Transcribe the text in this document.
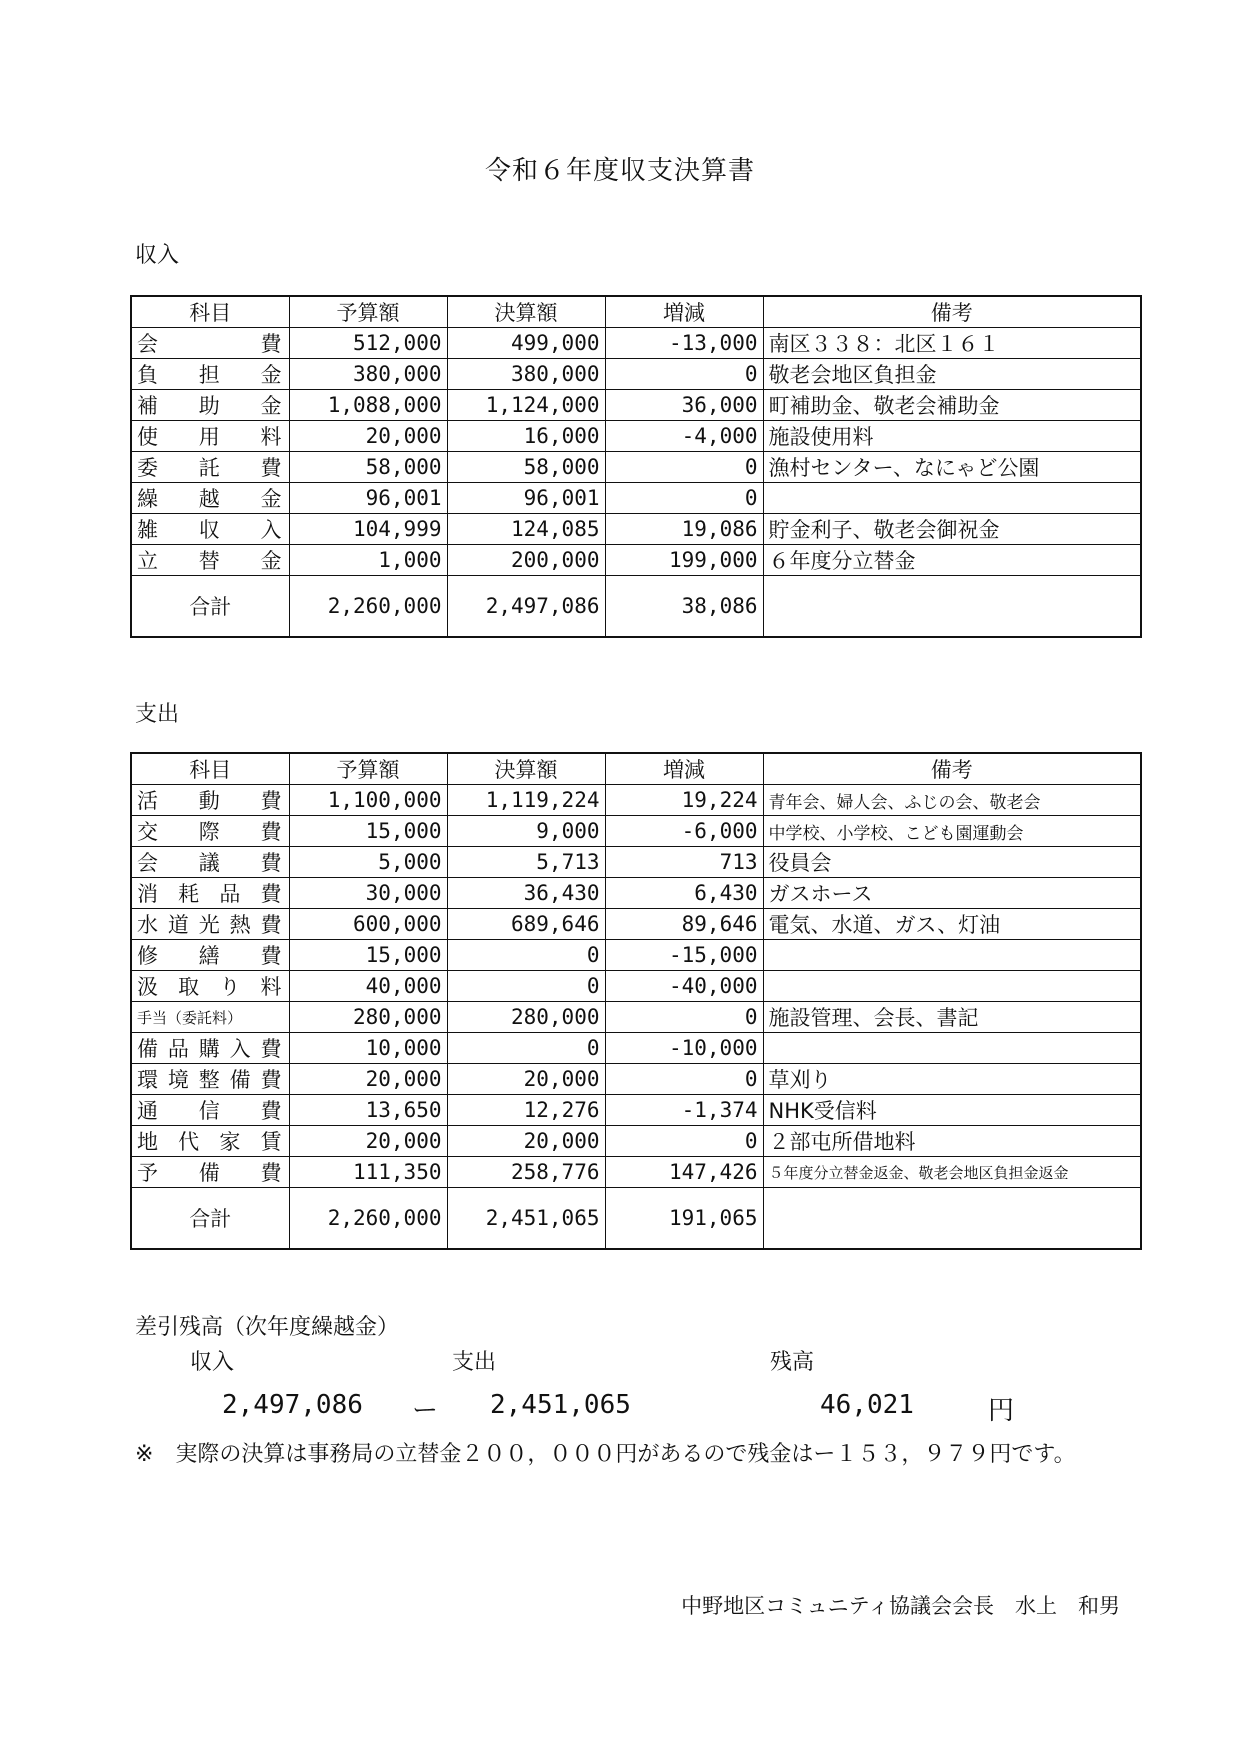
令和６年度収支決算書
収入
科目	予算額	決算額	増減	備考
会費	512,000	499,000	-13,000	南区３３８：北区１６１
負担金	380,000	380,000	0	敬老会地区負担金
補助金	1,088,000	1,124,000	36,000	町補助金、敬老会補助金
使用料	20,000	16,000	-4,000	施設使用料
委託費	58,000	58,000	0	漁村センター、なにゃど公園
繰越金	96,001	96,001	0	
雑収入	104,999	124,085	19,086	貯金利子、敬老会御祝金
立替金	1,000	200,000	199,000	６年度分立替金
合計	2,260,000	2,497,086	38,086	
支出
科目	予算額	決算額	増減	備考
活動費	1,100,000	1,119,224	19,224	青年会、婦人会、ふじの会、敬老会
交際費	15,000	9,000	-6,000	中学校、小学校、こども園運動会
会議費	5,000	5,713	713	役員会
消耗品費	30,000	36,430	6,430	ガスホース
水道光熱費	600,000	689,646	89,646	電気、水道、ガス、灯油
修繕費	15,000	0	-15,000	
汲取り料	40,000	0	-40,000	
手当（委託料）	280,000	280,000	0	施設管理、会長、書記
備品購入費	10,000	0	-10,000	
環境整備費	20,000	20,000	0	草刈り
通信費	13,650	12,276	-1,374	NHK受信料
地代家賃	20,000	20,000	0	２部屯所借地料
予備費	111,350	258,776	147,426	５年度分立替金返金、敬老会地区負担金返金
合計	2,260,000	2,451,065	191,065	
差引残高（次年度繰越金）
収入	支出	残高
2,497,086 ー 2,451,065	46,021	円
※　実際の決算は事務局の立替金２００，０００円があるので残金はー１５３，９７９円です。
中野地区コミュニティ協議会会長　水上　和男
